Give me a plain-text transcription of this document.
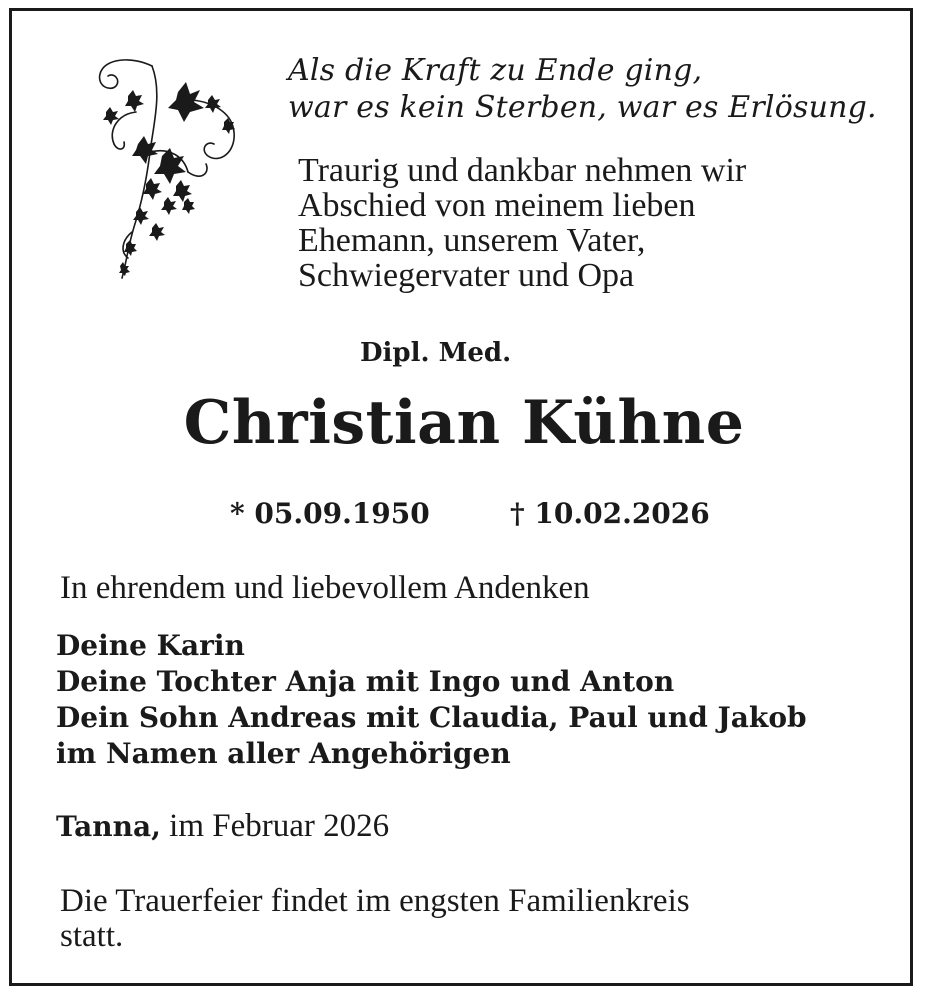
Als die Kraft zu Ende ging,
war es kein Sterben, war es Erlösung.
Traurig und dankbar nehmen wir
Abschied von meinem lieben
Ehemann, unserem Vater,
Schwiegervater und Opa
Dipl. Med.
Christian Kühne
* 05.09.1950	† 10.02.2026
In ehrendem und liebevollem Andenken
Deine Karin
Deine Tochter Anja mit Ingo und Anton
Dein Sohn Andreas mit Claudia, Paul und Jakob
im Namen aller Angehörigen
Tanna, im Februar 2026
Die Trauerfeier findet im engsten Familienkreis
statt.
